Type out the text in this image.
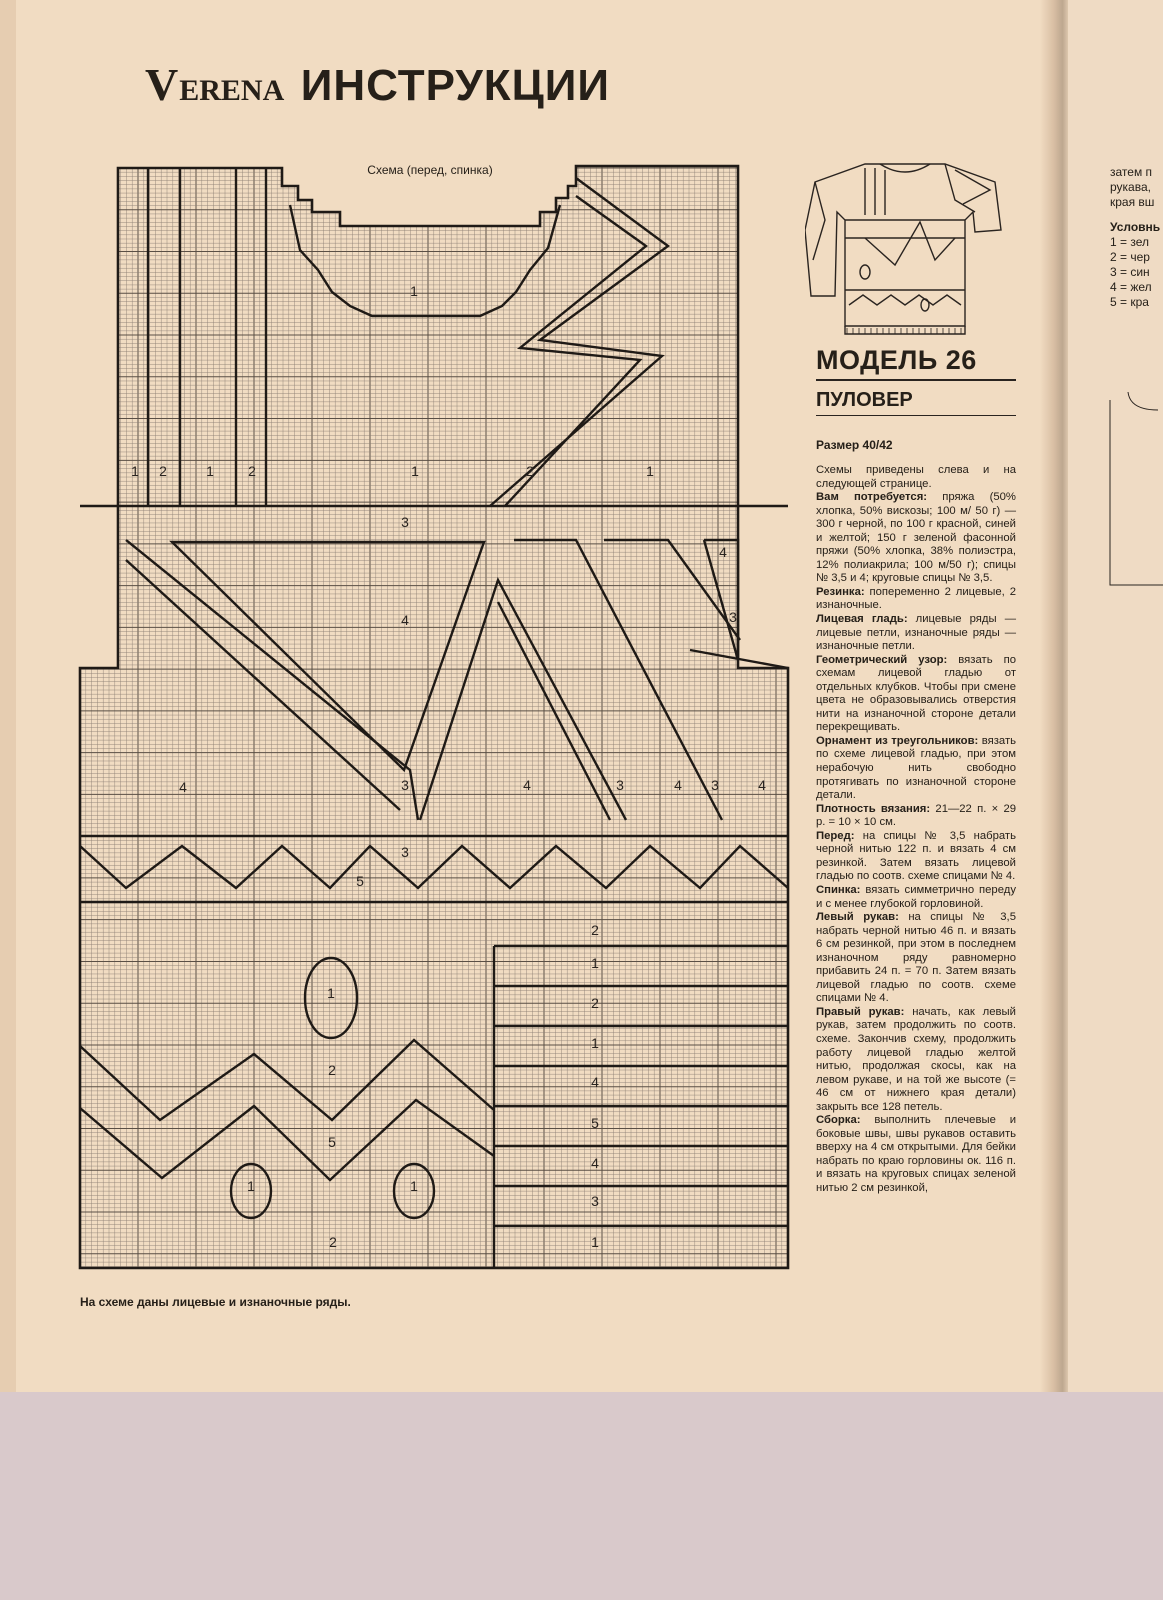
VERENA ИНСТРУКЦИИ
1
1 2	1 2	1	2	1
3
4
3
4
4	3	4	3	4 3	4
3
5
2
1
2
1
4
5
4
3
1
1
2
5
1	1
2
Схема (перед, спинка)
На схеме даны лицевые и изнаночные ряды.
МОДЕЛЬ 26
ПУЛОВЕР
Размер 40/42

Схемы приведены слева и на следующей странице.

Вам потребуется: пряжа (50% хлопка, 50% вискозы; 100 м/ 50 г) — 300 г черной, по 100 г красной, синей и желтой; 150 г зеленой фасонной пряжи (50% хлопка, 38% полиэстра, 12% полиакрила; 100 м/50 г); спицы № 3,5 и 4; круговые спицы № 3,5.

Резинка: попеременно 2 лицевые, 2 изнаночные.

Лицевая гладь: лицевые ряды — лицевые петли, изнаночные ряды — изнаночные петли.

Геометрический узор: вязать по схемам лицевой гладью от отдельных клубков. Чтобы при смене цвета не образовывались отверстия нити на изнаночной стороне детали перекрещивать.

Орнамент из треугольников: вязать по схеме лицевой гладью, при этом нерабочую нить свободно протягивать по изнаночной стороне детали.

Плотность вязания: 21—22 п. × 29 р. = 10 × 10 см.

Перед: на спицы № 3,5 набрать черной нитью 122 п. и вязать 4 см резинкой. Затем вязать лицевой гладью по соотв. схеме спицами № 4.

Спинка: вязать симметрично переду и с менее глубокой горловиной.

Левый рукав: на спицы № 3,5 набрать черной нитью 46 п. и вязать 6 см резинкой, при этом в последнем изнаночном ряду равномерно прибавить 24 п. = 70 п. Затем вязать лицевой гладью по соотв. схеме спицами № 4.

Правый рукав: начать, как левый рукав, затем продолжить по соотв. схеме. Закончив схему, продолжить работу лицевой гладью желтой нитью, продолжая скосы, как на левом рукаве, и на той же высоте (= 46 см от нижнего края детали) закрыть все 128 петель.

Сборка: выполнить плечевые и боковые швы, швы рукавов оставить вверху на 4 см открытыми. Для бейки набрать по краю горловины ок. 116 п. и вязать на круговых спицах зеленой нитью 2 см резинкой,

затем п
рукава,
края вш
Условнь
1 = зел
2 = чер
3 = син
4 = жел
5 = кра
